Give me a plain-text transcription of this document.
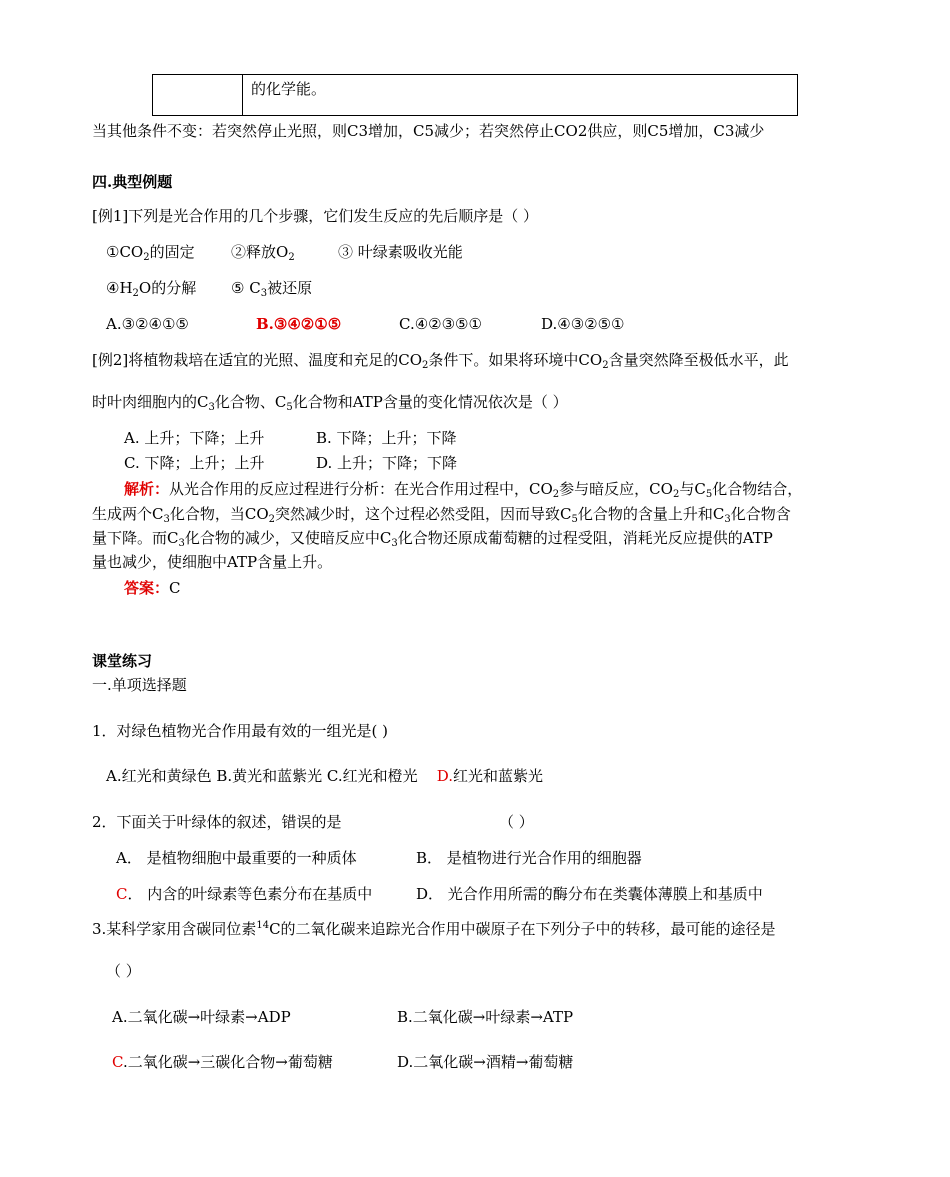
	的化学能。
当其他条件不变：若突然停止光照，则C3增加，C5减少；若突然停止CO2供应，则C5增加，C3减少
四.典型例题
[例1]下列是光合作用的几个步骤，它们发生反应的先后顺序是（ ）
$①CO_2$的固定 ②释放$O_2$	③ 叶绿素吸收光能
$④H_2O$的分解 ⑤ $C_3$被还原
A.③②④①⑤	B.③④②①⑤	C.④②③⑤①	D.④③②⑤①
[例2]将植物栽培在适宜的光照、温度和充足的$CO_2$条件下。如果将环境中$CO_2$含量突然降至极低水平，此
时叶肉细胞内的$C_3$化合物、$C_5$化合物和ATP含量的变化情况依次是（ ）
A. 上升；下降；上升	B. 下降；上升；下降
C. 下降；上升；上升	D. 上升；下降；下降
解析：从光合作用的反应过程进行分析：在光合作用过程中，$CO_2$参与暗反应，$CO_2$与$C_5$化合物结合，
生成两个$C_3$化合物，当$CO_2$突然减少时，这个过程必然受阻，因而导致$C_5$化合物的含量上升和$C_3$化合物含
量下降。而$C_3$化合物的减少，又使暗反应中$C_3$化合物还原成葡萄糖的过程受阻，消耗光反应提供的ATP
量也减少，使细胞中ATP含量上升。
答案：C
课堂练习
一.单项选择题
1．对绿色植物光合作用最有效的一组光是( )
A.红光和黄绿色 B.黄光和蓝紫光 C.红光和橙光 D.红光和蓝紫光
2．下面关于叶绿体的叙述，错误的是	（ ）
A． 是植物细胞中最重要的一种质体	B． 是植物进行光合作用的细胞器
C． 内含的叶绿素等色素分布在基质中	D． 光合作用所需的酶分布在类囊体薄膜上和基质中
3.某科学家用含碳同位素$^{14}$C的二氧化碳来追踪光合作用中碳原子在下列分子中的转移，最可能的途径是
（ ）
A.二氧化碳→叶绿素→ADP	B.二氧化碳→叶绿素→ATP
C.二氧化碳→三碳化合物→葡萄糖	D.二氧化碳→酒精→葡萄糖
